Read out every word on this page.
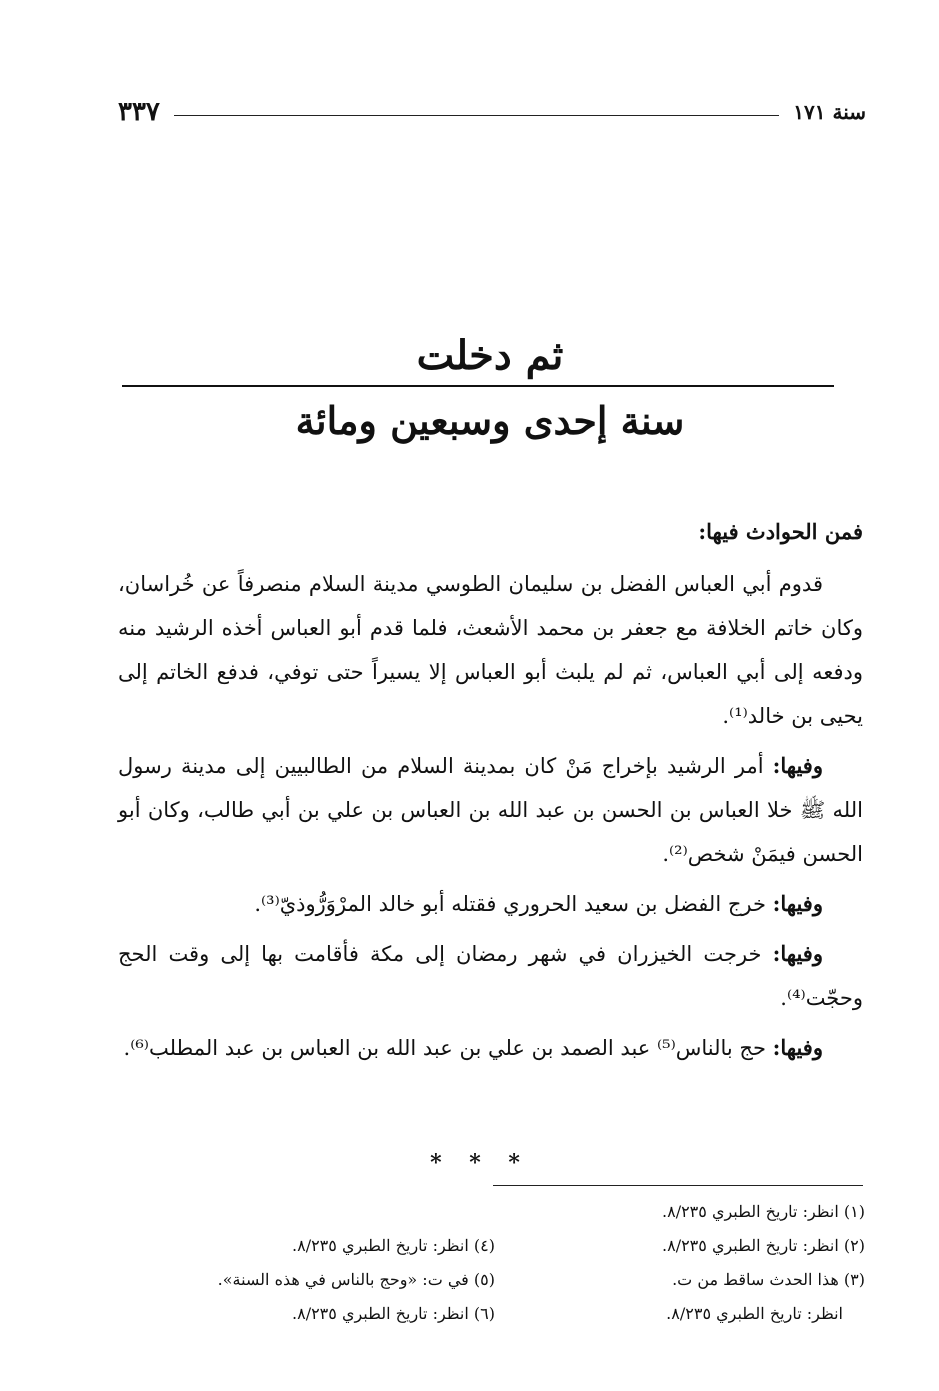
سنة ١٧١
٣٣٧
ثم دخلت
سنة إحدى وسبعين ومائة

فمن الحوادث فيها:

قدوم أبي العباس الفضل بن سليمان الطوسي مدينة السلام منصرفاً عن خُراسان، وكان خاتم الخلافة مع جعفر بن محمد الأشعث، فلما قدم أبو العباس أخذه الرشيد منه ودفعه إلى أبي العباس، ثم لم يلبث أبو العباس إلا يسيراً حتى توفي، فدفع الخاتم إلى يحيى بن خالد⁽¹⁾.

وفيها: أمر الرشيد بإخراج مَنْ كان بمدينة السلام من الطالبيين إلى مدينة رسول الله ﷺ خلا العباس بن الحسن بن عبد الله بن العباس بن علي بن أبي طالب، وكان أبو الحسن فيمَنْ شخص⁽²⁾.

وفيها: خرج الفضل بن سعيد الحروري فقتله أبو خالد المرْوَرُّوذيّ⁽³⁾.

وفيها: خرجت الخيزران في شهر رمضان إلى مكة فأقامت بها إلى وقت الحج وحجّت⁽⁴⁾.

وفيها: حج بالناس⁽⁵⁾ عبد الصمد بن علي بن عبد الله بن العباس بن عبد المطلب⁽⁶⁾.

* * *

(١) انظر: تاريخ الطبري ٨/٢٣٥.

(٢) انظر: تاريخ الطبري ٨/٢٣٥.

(٣) هذا الحدث ساقط من ت.

انظر: تاريخ الطبري ٨/٢٣٥.

(٤) انظر: تاريخ الطبري ٨/٢٣٥.

(٥) في ت: «وحج بالناس في هذه السنة».

(٦) انظر: تاريخ الطبري ٨/٢٣٥.
